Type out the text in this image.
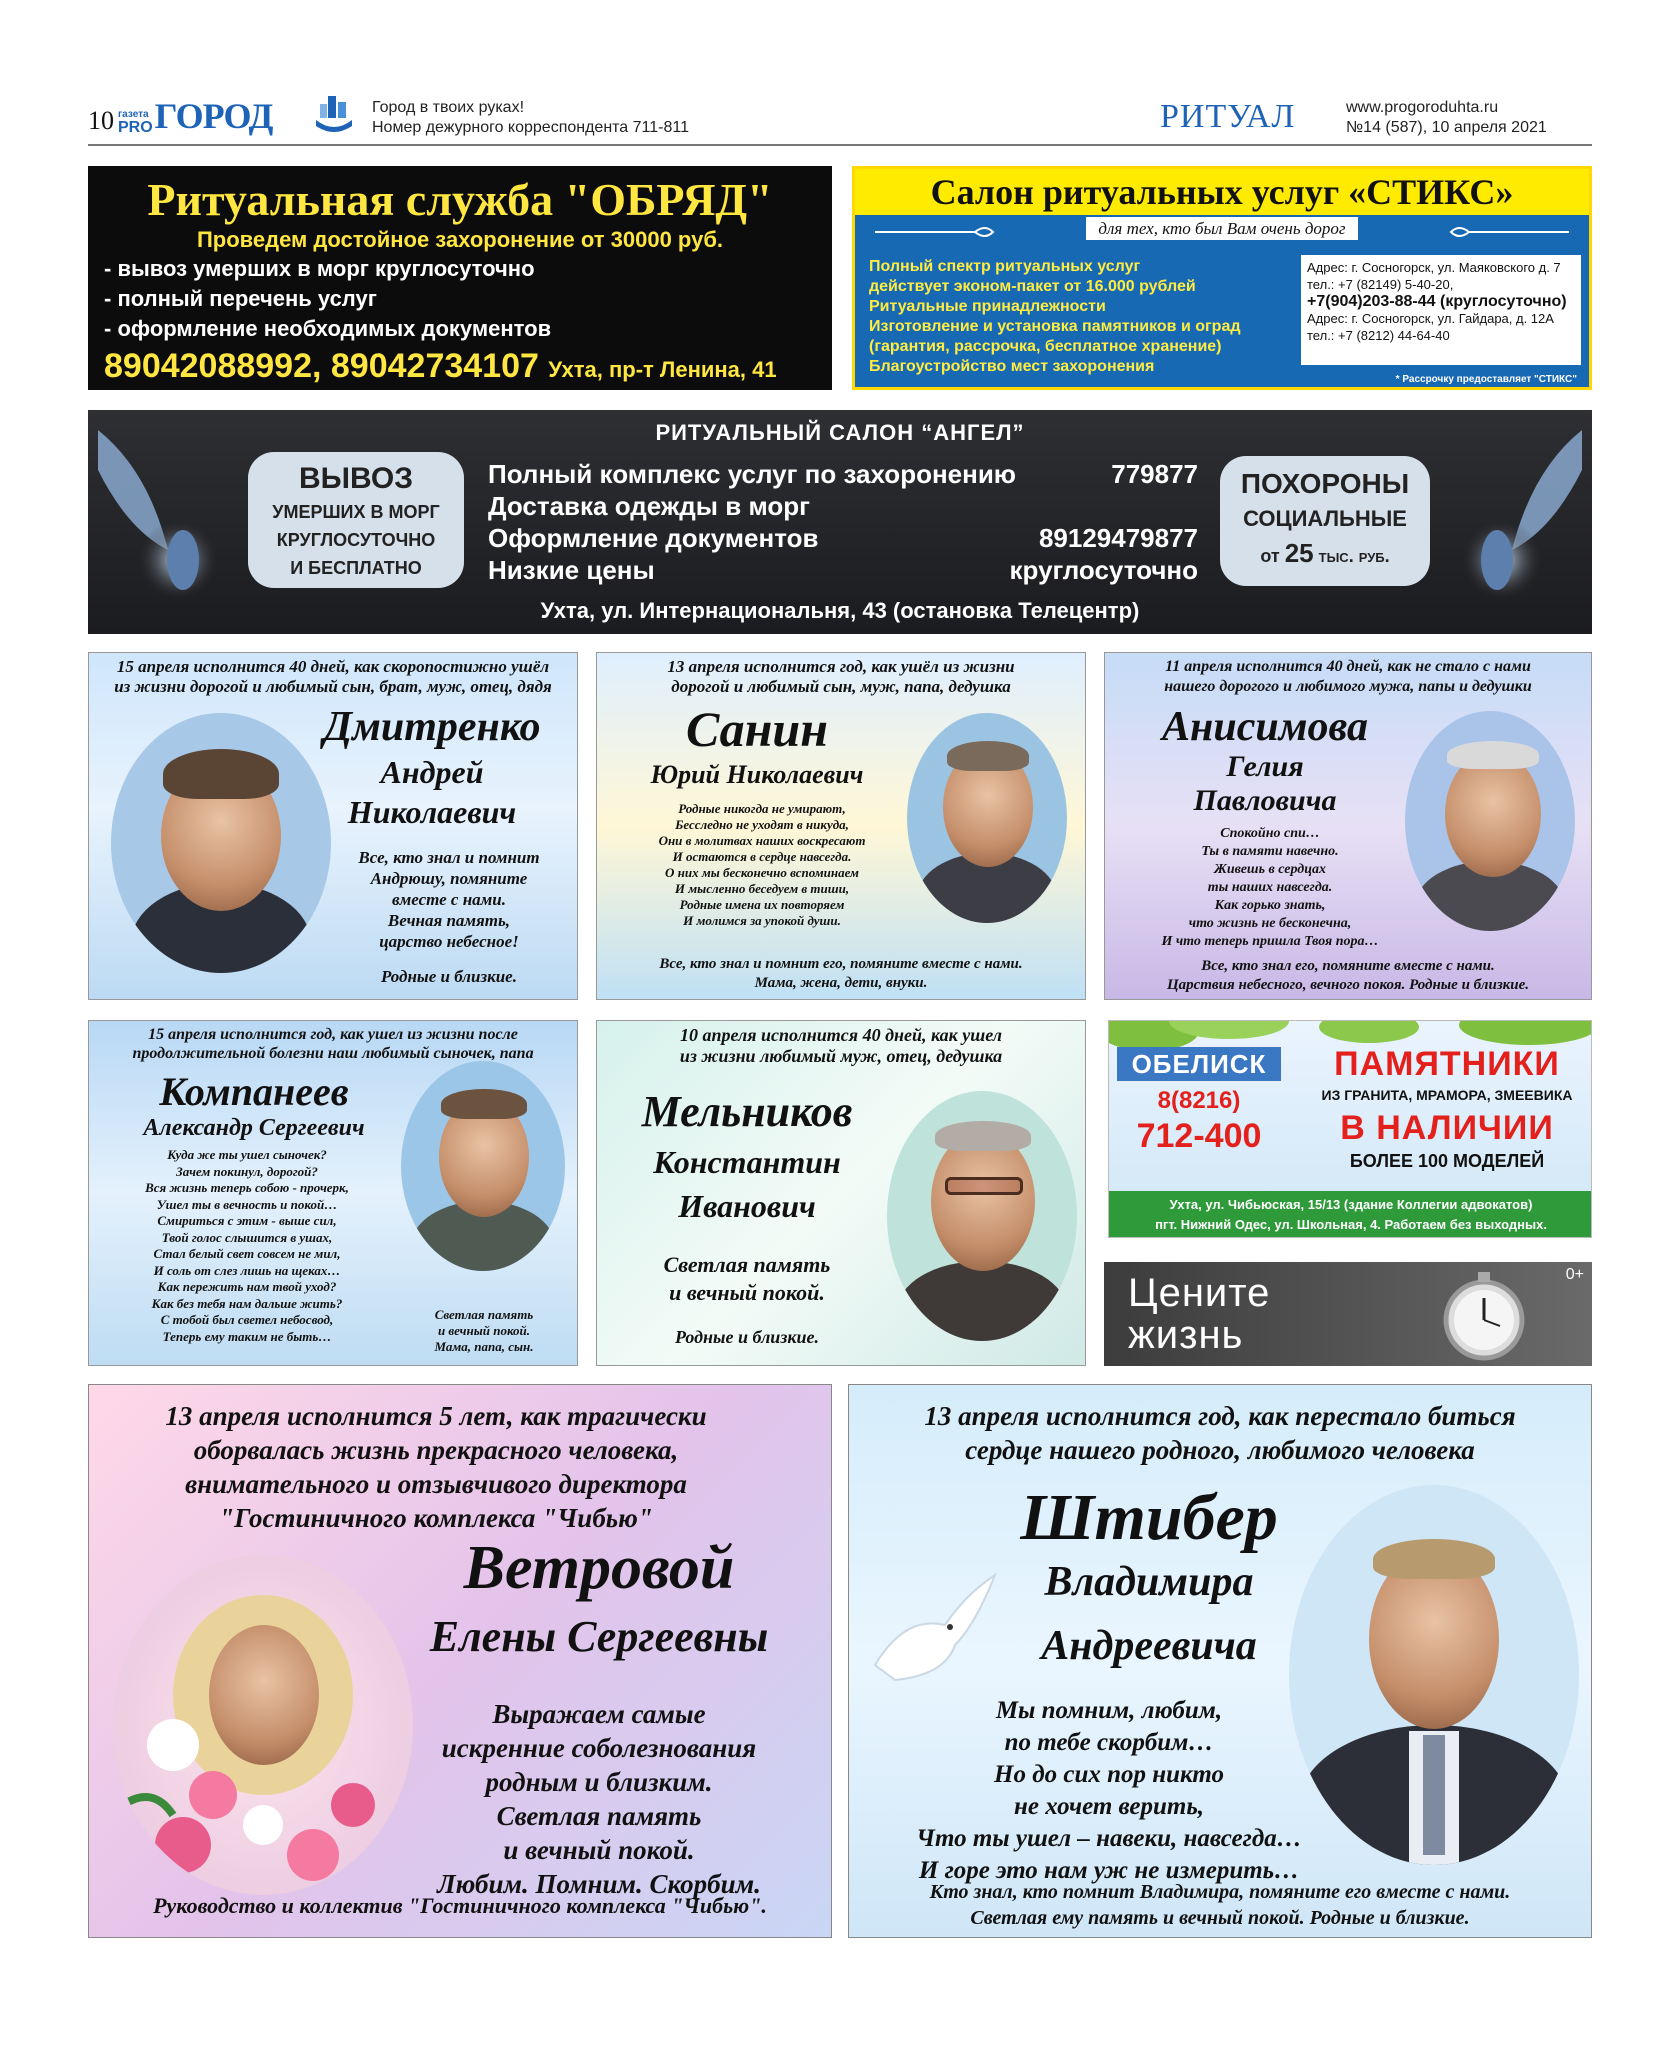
10 газета
PRO ГОРОД	Город в твоих руках!
Номер дежурного корреспондента 711-811	РИТУАЛ	www.progoroduhta.ru
№14 (587), 10 апреля 2021
Ритуальная служба "ОБРЯД"
Проведем достойное захоронение от 30000 руб.
- вывоз умерших в морг круглосуточно
- полный перечень услуг
- оформление необходимых документов
89042088992, 89042734107 Ухта, пр-т Ленина, 41
Салон ритуальных услуг «СТИКС»
для тех, кто был Вам очень дорог
Полный спектр ритуальных услуг
действует эконом-пакет от 16.000 рублей
Ритуальные принадлежности
Изготовление и установка памятников и оград
(гарантия, рассрочка, бесплатное хранение)
Благоустройство мест захоронения
Адрес: г. Сосногорск, ул. Маяковского д. 7
тел.: +7 (82149) 5-40-20,
+7(904)203-88-44 (круглосуточно)
Адрес: г. Сосногорск, ул. Гайдара, д. 12А
тел.: +7 (8212) 44-64-40
* Рассрочку предоставляет "СТИКС"
РИТУАЛЬНЫЙ САЛОН “АНГЕЛ”
ВЫВОЗ
УМЕРШИХ В МОРГ
КРУГЛОСУТОЧНО
И БЕСПЛАТНО
Полный комплекс услуг по захоронению	779877
Доставка одежды в морг
Оформление документов	89129479877
Низкие цены	круглосуточно
ПОХОРОНЫ
СОЦИАЛЬНЫЕ
от 25 тыс. руб.
Ухта, ул. Интернациональня, 43 (остановка Телецентр)
15 апреля исполнится 40 дней, как скоропостижно ушёл
из жизни дорогой и любимый сын, брат, муж, отец, дядя
Дмитренко
Андрей
Николаевич
Все, кто знал и помнит
Андрюшу, помяните
вместе с нами.
Вечная память,
царство небесное!
Родные и близкие.
13 апреля исполнится год, как ушёл из жизни
дорогой и любимый сын, муж, папа, дедушка
Санин
Юрий Николаевич
Родные никогда не умирают,
Бесследно не уходят в никуда,
Они в молитвах наших воскресают
И остаются в сердце навсегда.
О них мы бесконечно вспоминаем
И мысленно беседуем в тиши,
Родные имена их повторяем
И молимся за упокой души.
Все, кто знал и помнит его, помяните вместе с нами.
Мама, жена, дети, внуки.
11 апреля исполнится 40 дней, как не стало с нами
нашего дорогого и любимого мужа, папы и дедушки
Анисимова
Гелия
Павловича
Спокойно спи…
Ты в памяти навечно.
Живешь в сердцах
ты наших навсегда.
Как горько знать,
что жизнь не бесконечна,
И что теперь пришла Твоя пора…
Все, кто знал его, помяните вместе с нами.
Царствия небесного, вечного покоя. Родные и близкие.
15 апреля исполнится год, как ушел из жизни после
продолжительной болезни наш любимый сыночек, папа
Компанеев
Александр Сергеевич
Куда же ты ушел сыночек?
Зачем покинул, дорогой?
Вся жизнь теперь собою - прочерк,
Ушел ты в вечность и покой…
Смириться с этим - выше сил,
Твой голос слышится в ушах,
Стал белый свет совсем не мил,
И соль от слез лишь на щеках…
Как пережить нам твой уход?
Как без тебя нам дальше жить?
С тобой был светел небосвод,
Теперь ему таким не быть…
Светлая память
и вечный покой.
Мама, папа, сын.
10 апреля исполнится 40 дней, как ушел
из жизни любимый муж, отец, дедушка
Мельников
Константин
Иванович
Светлая память
и вечный покой.
Родные и близкие.
ОБЕЛИСК
8(8216)
712-400
ПАМЯТНИКИ
ИЗ ГРАНИТА, МРАМОРА, ЗМЕЕВИКА
В НАЛИЧИИ
БОЛЕЕ 100 МОДЕЛЕЙ
Ухта, ул. Чибьюская, 15/13 (здание Коллегии адвокатов)
пгт. Нижний Одес, ул. Школьная, 4. Работаем без выходных.
Цените
жизнь
0+
13 апреля исполнится 5 лет, как трагически
оборвалась жизнь прекрасного человека,
внимательного и отзывчивого директора
"Гостиничного комплекса "Чибью"
Ветровой
Елены Сергеевны
Выражаем самые
искренние соболезнования
родным и близким.
Светлая память
и вечный покой.
Любим. Помним. Скорбим.
Руководство и коллектив "Гостиничного комплекса "Чибью".
13 апреля исполнится год, как перестало биться
сердце нашего родного, любимого человека
Штибер
Владимира
Андреевича
Мы помним, любим,
по тебе скорбим…
Но до сих пор никто
не хочет верить,
Что ты ушел – навеки, навсегда…
И горе это нам уж не измерить…
Кто знал, кто помнит Владимира, помяните его вместе с нами.
Светлая ему память и вечный покой. Родные и близкие.
